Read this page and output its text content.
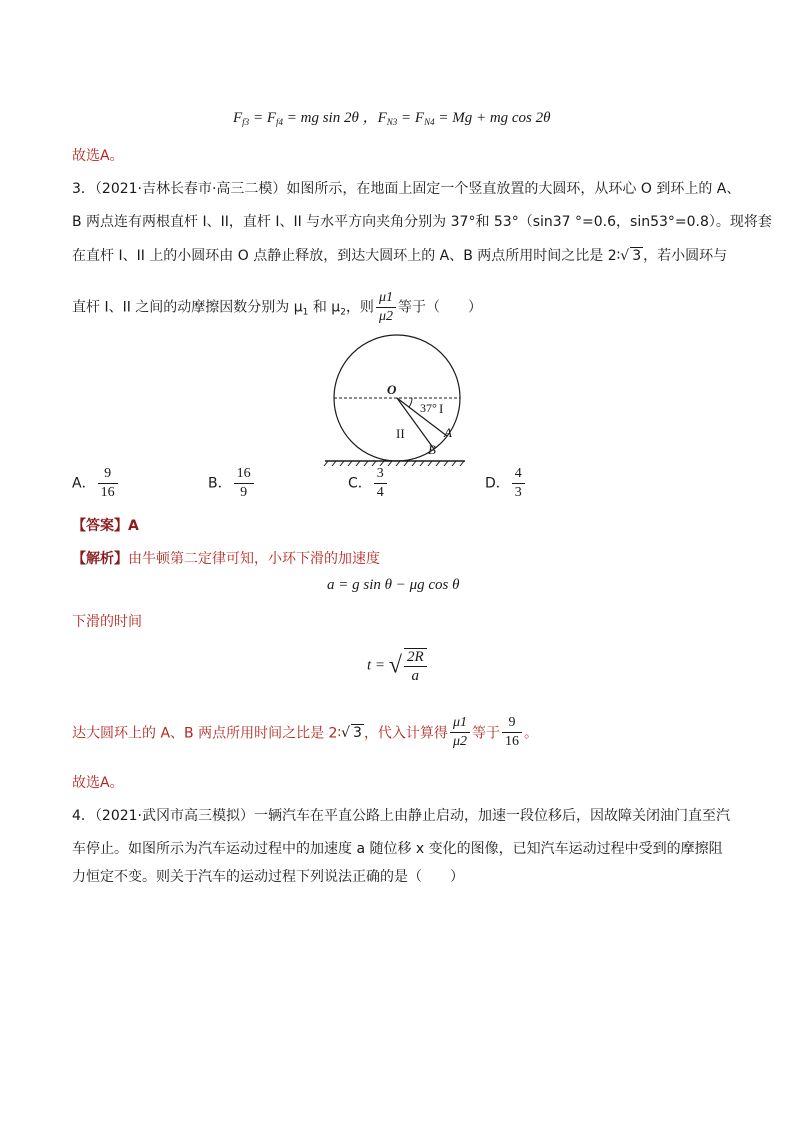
$F_{f3} = F_{f4}$ = mg sin 2θ ，$F_{N3} = F_{N4} = Mg$ + mg cos 2θ
故选A。
3．（2021·吉林长春市·高三二模）如图所示，在地面上固定一个竖直放置的大圆环，从环心 O 到环上的 A、
B 两点连有两根直杆 I、II，直杆 I、II 与水平方向夹角分别为 37°和 53°（sin37 °=0.6，sin53°=0.8）。现将套
在直杆 I、II 上的小圆环由 O 点静止释放，到达大圆环上的 A、B 两点所用时间之比是 2∶√ 3 ，若小圆环与
直杆 I、II 之间的动摩擦因数分别为 $\mu_1$ 和 $\mu_2$，则 $\frac{\mu 1}{\mu 2}$ 等于（　　）
O
37° I
II	A
B
A． $\frac{9}{16}$	B． $\frac{16}{9}$	C． $\frac{3}{4}$	D． $\frac{4}{3}$
【答案】A
【解析】由牛顿第二定律可知，小环下滑的加速度
a = g sin θ − μg cos θ
下滑的时间
t = √ $\frac{2R}{a}$
达大圆环上的 A、B 两点所用时间之比是 2∶√ 3 ，代入计算得 $\frac{\mu 1}{\mu 2}$ 等于 $\frac{9}{16}$ 。
故选A。
4．（2021·武冈市高三模拟）一辆汽车在平直公路上由静止启动，加速一段位移后，因故障关闭油门直至汽
车停止。如图所示为汽车运动过程中的加速度 a 随位移 x 变化的图像，已知汽车运动过程中受到的摩擦阻
力恒定不变。则关于汽车的运动过程下列说法正确的是（　　）
